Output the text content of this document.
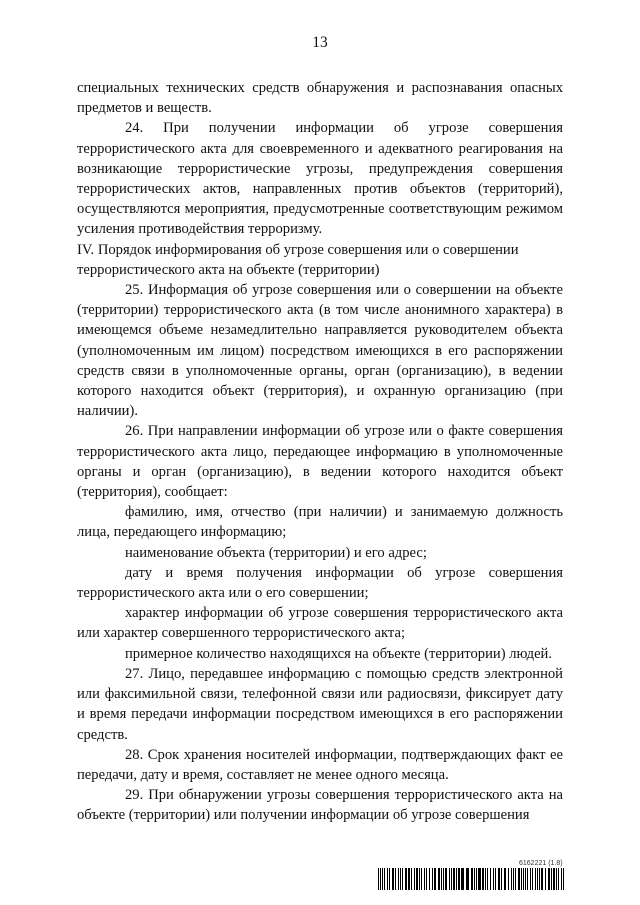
13

специальных технических средств обнаружения и распознавания опасных предметов и веществ.

24. При получении информации об угрозе совершения террористического акта для своевременного и адекватного реагирования на возникающие террористические угрозы, предупреждения совершения террористических актов, направленных против объектов (территорий), осуществляются мероприятия, предусмотренные соответствующим режимом усиления противодействия терроризму.

IV. Порядок информирования об угрозе совершения или о совершении
террористического акта на объекте (территории)

25. Информация об угрозе совершения или о совершении на объекте (территории) террористического акта (в том числе анонимного характера) в имеющемся объеме незамедлительно направляется руководителем объекта (уполномоченным им лицом) посредством имеющихся в его распоряжении средств связи в уполномоченные органы, орган (организацию), в ведении которого находится объект (территория), и охранную организацию (при наличии).

26. При направлении информации об угрозе или о факте совершения террористического акта лицо, передающее информацию в уполномоченные органы и орган (организацию), в ведении которого находится объект (территория), сообщает:

фамилию, имя, отчество (при наличии) и занимаемую должность лица, передающего информацию;

наименование объекта (территории) и его адрес;

дату и время получения информации об угрозе совершения террористического акта или о его совершении;

характер информации об угрозе совершения террористического акта или характер совершенного террористического акта;

примерное количество находящихся на объекте (территории) людей.

27. Лицо, передавшее информацию с помощью средств электронной или факсимильной связи, телефонной связи или радиосвязи, фиксирует дату и время передачи информации посредством имеющихся в его распоряжении средств.

28. Срок хранения носителей информации, подтверждающих факт ее передачи, дату и время, составляет не менее одного месяца.

29. При обнаружении угрозы совершения террористического акта на объекте (территории) или получении информации об угрозе совершения

6162221 (1.8)
